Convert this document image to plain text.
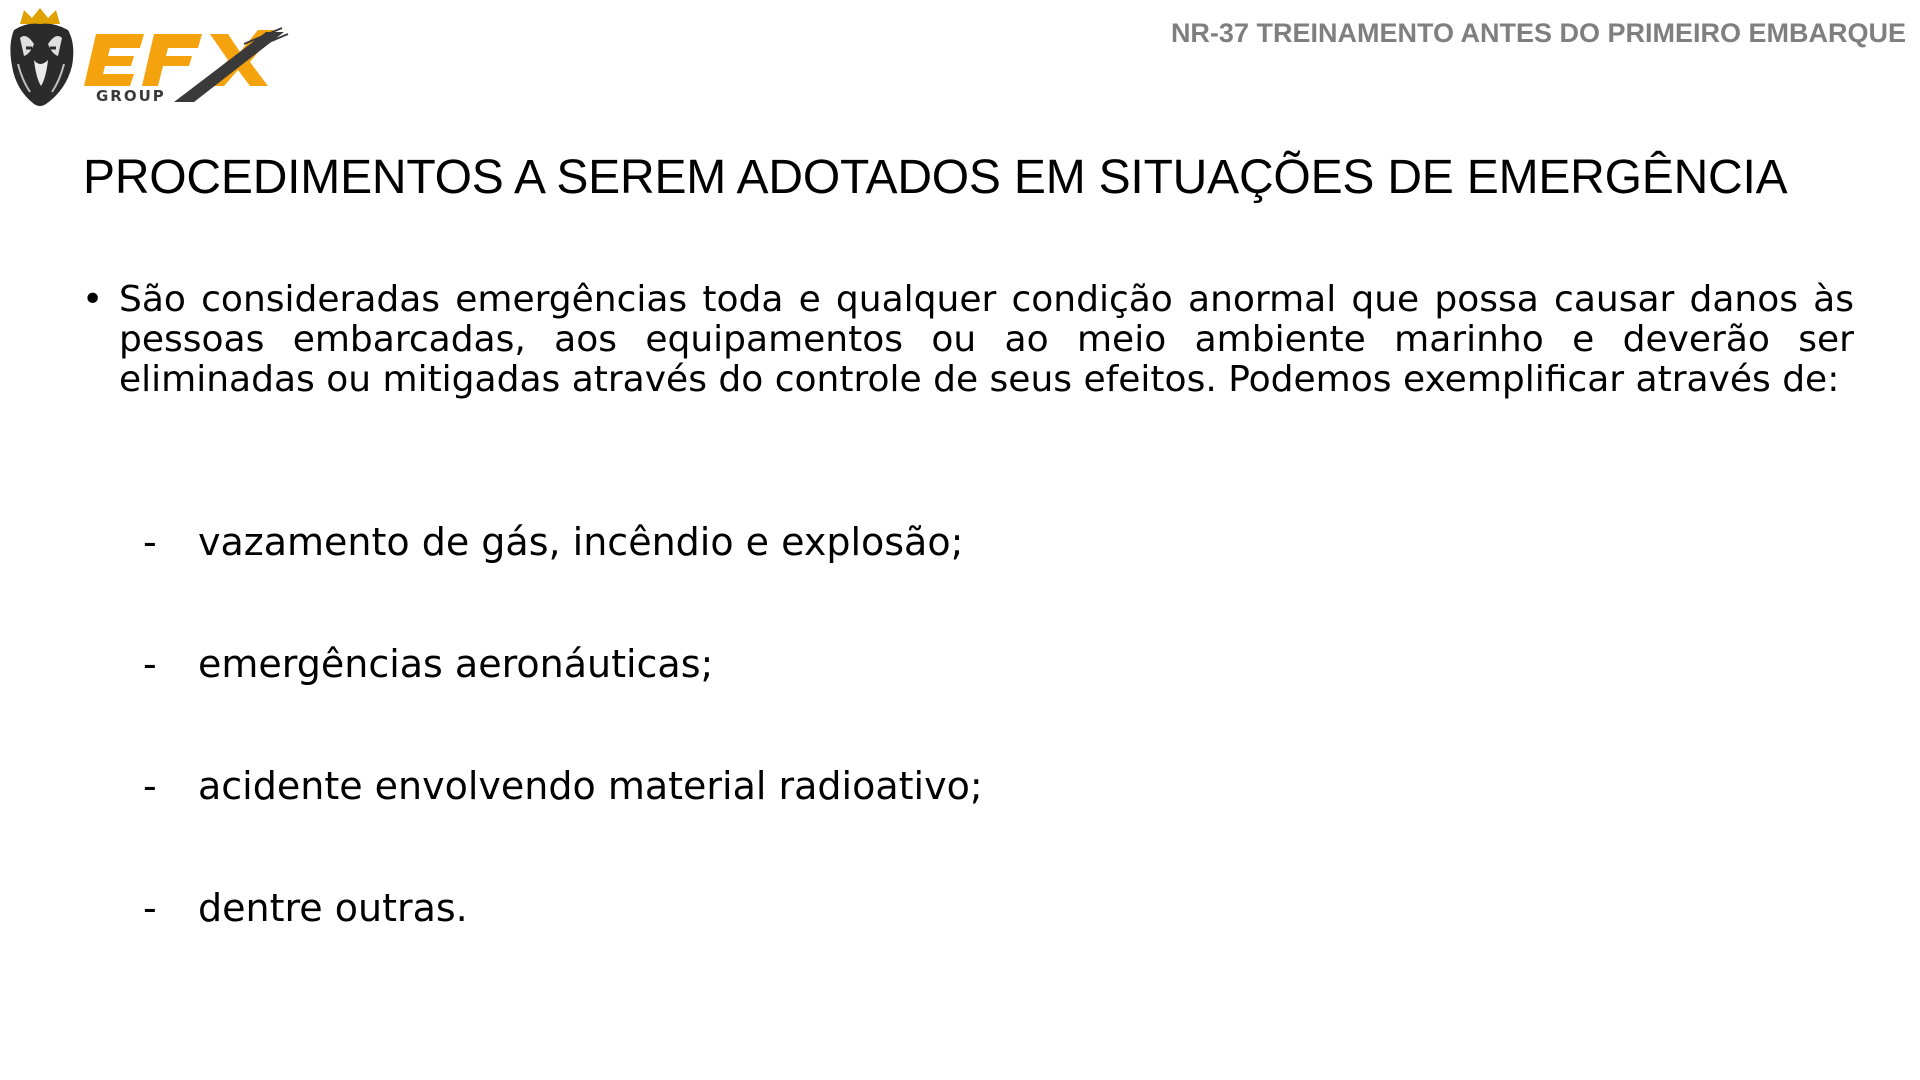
GROUP
NR-37 TREINAMENTO ANTES DO PRIMEIRO EMBARQUE
PROCEDIMENTOS A SEREM ADOTADOS EM SITUAÇÕES DE EMERGÊNCIA
• São consideradas emergências toda e qualquer condição anormal que possa causar danos às pessoas embarcadas, aos equipamentos ou ao meio ambiente marinho e deverão ser eliminadas ou mitigadas através do controle de seus efeitos. Podemos exemplificar através de:
-	vazamento de gás, incêndio e explosão;
-	emergências aeronáuticas;
-	acidente envolvendo material radioativo;
-	dentre outras.
